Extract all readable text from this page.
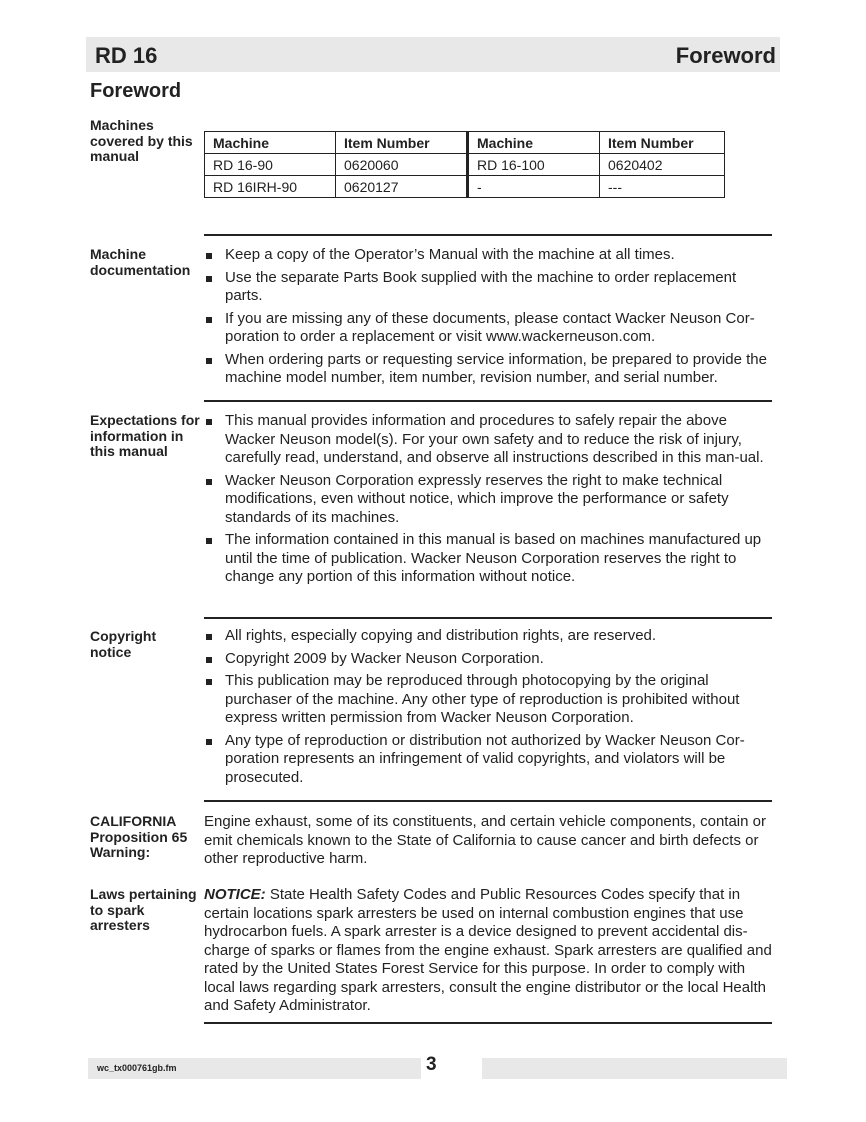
RD 16	Foreword
Foreword
Machines covered by this manual
Machine	Item Number	Machine	Item Number
RD 16-90	0620060	RD 16-100	0620402
RD 16IRH-90	0620127	-	---
Machine documentation
Keep a copy of the Operator’s Manual with the machine at all times.
Use the separate Parts Book supplied with the machine to order replacement parts.
If you are missing any of these documents, please contact Wacker Neuson Cor-poration to order a replacement or visit www.wackerneuson.com.
When ordering parts or requesting service information, be prepared to provide the machine model number, item number, revision number, and serial number.
Expectations for information in this manual
This manual provides information and procedures to safely repair the above Wacker Neuson model(s). For your own safety and to reduce the risk of injury, carefully read, understand, and observe all instructions described in this man-ual.
Wacker Neuson Corporation expressly reserves the right to make technical modifications, even without notice, which improve the performance or safety standards of its machines.
The information contained in this manual is based on machines manufactured up until the time of publication. Wacker Neuson Corporation reserves the right to change any portion of this information without notice.
Copyright notice
All rights, especially copying and distribution rights, are reserved.
Copyright 2009 by Wacker Neuson Corporation.
This publication may be reproduced through photocopying by the original purchaser of the machine. Any other type of reproduction is prohibited without express written permission from Wacker Neuson Corporation.
Any type of reproduction or distribution not authorized by Wacker Neuson Cor-poration represents an infringement of valid copyrights, and violators will be prosecuted.
CALIFORNIA Proposition 65 Warning:

Engine exhaust, some of its constituents, and certain vehicle components, contain or emit chemicals known to the State of California to cause cancer and birth defects or other reproductive harm.

Laws pertaining to spark arresters

NOTICE: State Health Safety Codes and Public Resources Codes specify that in certain locations spark arresters be used on internal combustion engines that use hydrocarbon fuels. A spark arrester is a device designed to prevent accidental dis-charge of sparks or flames from the engine exhaust. Spark arresters are qualified and rated by the United States Forest Service for this purpose. In order to comply with local laws regarding spark arresters, consult the engine distributor or the local Health and Safety Administrator.

wc_tx000761gb.fm	3
